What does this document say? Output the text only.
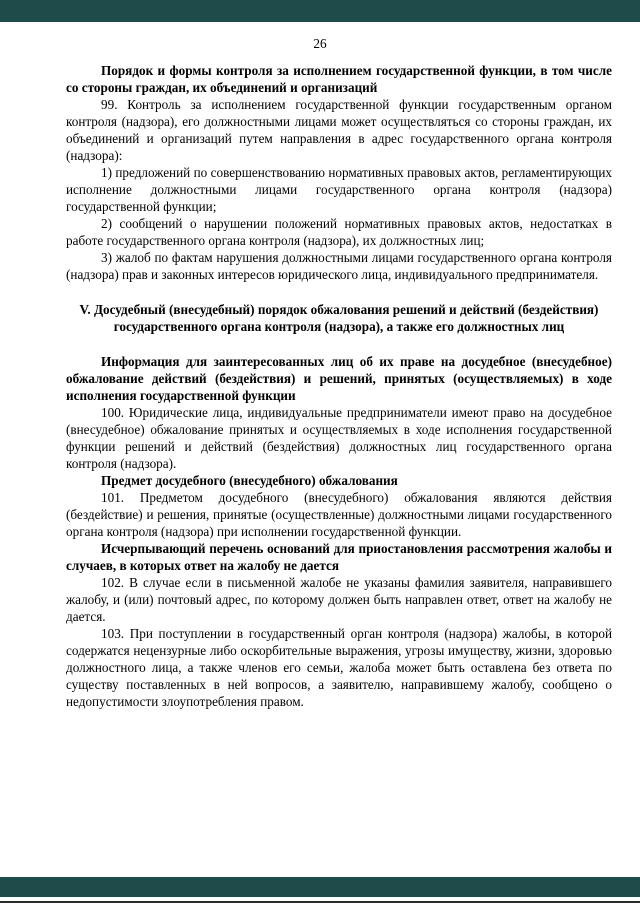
26

Порядок и формы контроля за исполнением государственной функции, в том числе со стороны граждан, их объединений и организаций

99. Контроль за исполнением государственной функции государственным органом контроля (надзора), его должностными лицами может осуществляться со стороны граждан, их объединений и организаций путем направления в адрес государственного органа контроля (надзора):

1) предложений по совершенствованию нормативных правовых актов, регламентирующих исполнение должностными лицами государственного органа контроля (надзора) государственной функции;

2) сообщений о нарушении положений нормативных правовых актов, недостатках в работе государственного органа контроля (надзора), их должностных лиц;

3) жалоб по фактам нарушения должностными лицами государственного органа контроля (надзора) прав и законных интересов юридического лица, индивидуального предпринимателя.

V. Досудебный (внесудебный) порядок обжалования решений и действий (бездействия) государственного органа контроля (надзора), а также его должностных лиц

Информация для заинтересованных лиц об их праве на досудебное (внесудебное) обжалование действий (бездействия) и решений, принятых (осуществляемых) в ходе исполнения государственной функции

100. Юридические лица, индивидуальные предприниматели имеют право на досудебное (внесудебное) обжалование принятых и осуществляемых в ходе исполнения государственной функции решений и действий (бездействия) должностных лиц государственного органа контроля (надзора).

Предмет досудебного (внесудебного) обжалования

101. Предметом досудебного (внесудебного) обжалования являются действия (бездействие) и решения, принятые (осуществленные) должностными лицами государственного органа контроля (надзора) при исполнении государственной функции.

Исчерпывающий перечень оснований для приостановления рассмотрения жалобы и случаев, в которых ответ на жалобу не дается

102. В случае если в письменной жалобе не указаны фамилия заявителя, направившего жалобу, и (или) почтовый адрес, по которому должен быть направлен ответ, ответ на жалобу не дается.

103. При поступлении в государственный орган контроля (надзора) жалобы, в которой содержатся нецензурные либо оскорбительные выражения, угрозы имуществу, жизни, здоровью должностного лица, а также членов его семьи, жалоба может быть оставлена без ответа по существу поставленных в ней вопросов, а заявителю, направившему жалобу, сообщено о недопустимости злоупотребления правом.
